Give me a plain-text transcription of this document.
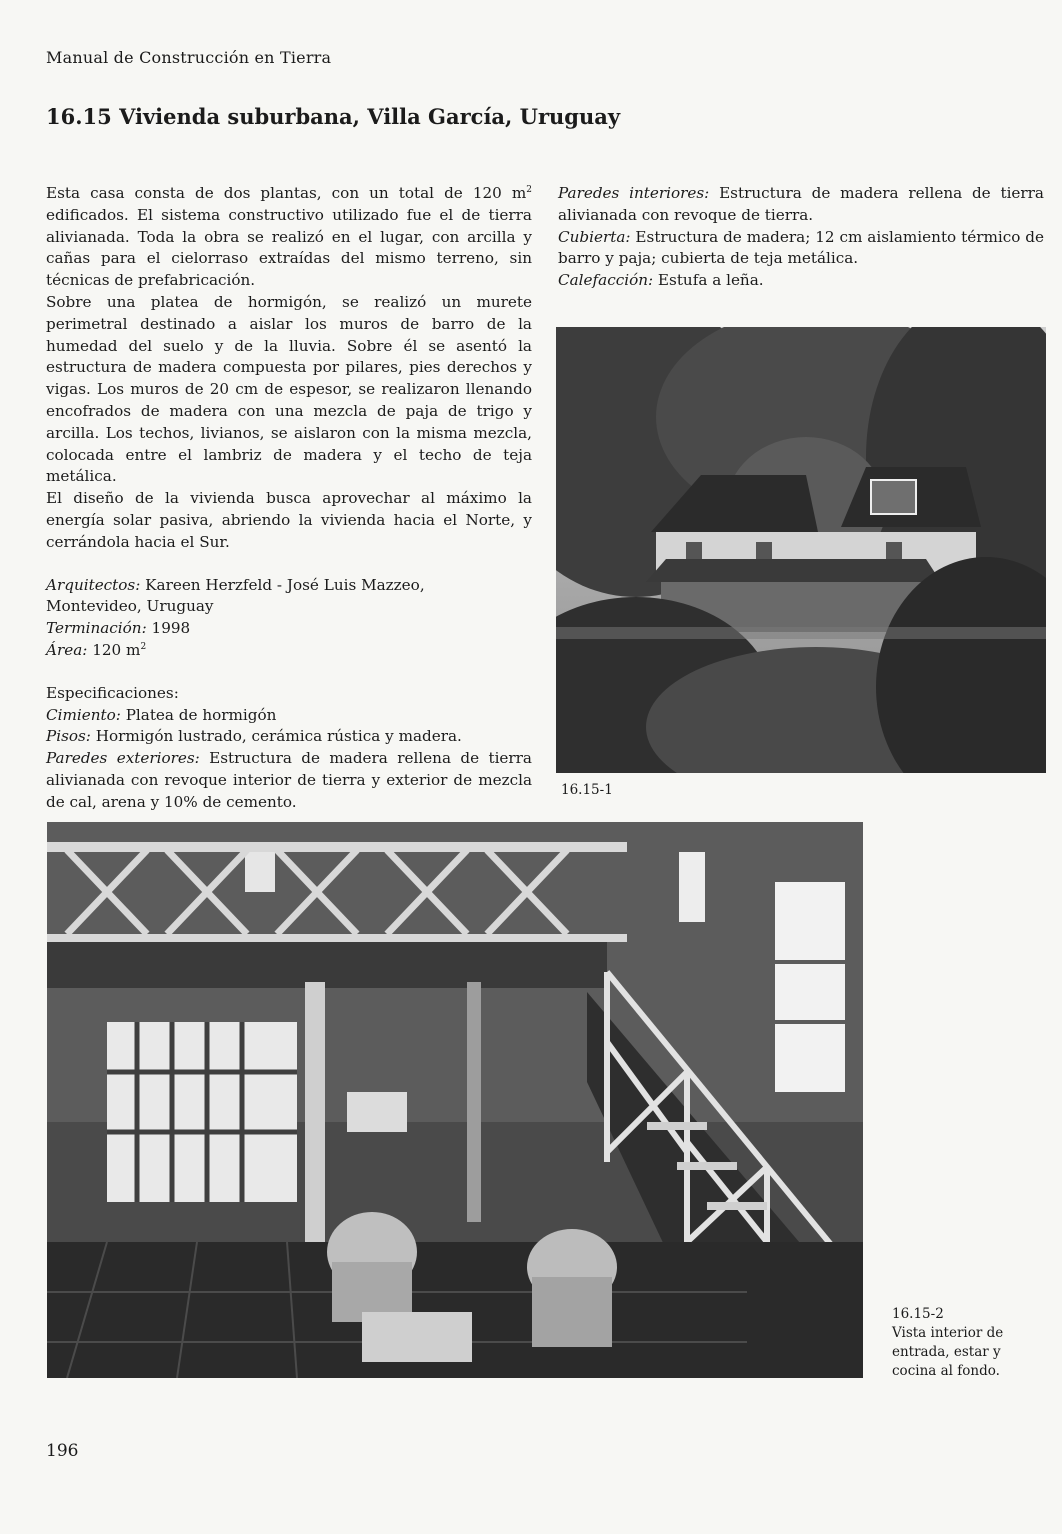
Manual de Construcción en Tierra
16.15 Vivienda suburbana, Villa García, Uruguay

Esta casa consta de dos plantas, con un total de 120 $m^2$ edificados. El sistema constructivo utilizado fue el de tierra alivianada. Toda la obra se realizó en el lugar, con arcilla y cañas para el cielorraso extraídas del mismo terreno, sin técnicas de prefabricación.

Sobre una platea de hormigón, se realizó un murete perimetral destinado a aislar los muros de barro de la humedad del suelo y de la lluvia. Sobre él se asentó la estructura de madera compuesta por pilares, pies derechos y vigas. Los muros de 20 cm de espesor, se realizaron llenando encofrados de madera con una mezcla de paja de trigo y arcilla. Los techos, livianos, se aislaron con la misma mezcla, colocada entre el lambriz de madera y el techo de teja metálica.

El diseño de la vivienda busca aprovechar al máximo la energía solar pasiva, abriendo la vivienda hacia el Norte, y cerrándola hacia el Sur.

Arquitectos: Kareen Herzfeld - José Luis Mazzeo,

Montevideo, Uruguay

Terminación: 1998

Área: 120 $m^2$

Especificaciones:

Cimiento: Platea de hormigón

Pisos: Hormigón lustrado, cerámica rústica y madera.

Paredes exteriores: Estructura de madera rellena de tierra alivianada con revoque interior de tierra y exterior de mezcla de cal, arena y 10% de cemento.

Paredes interiores: Estructura de madera rellena de tierra alivianada con revoque de tierra.

Cubierta: Estructura de madera; 12 cm aislamiento térmico de barro y paja; cubierta de teja metálica.

Calefacción: Estufa a leña.

16.15-1
16.15-2
Vista interior de
entrada, estar y
cocina al fondo.
196
